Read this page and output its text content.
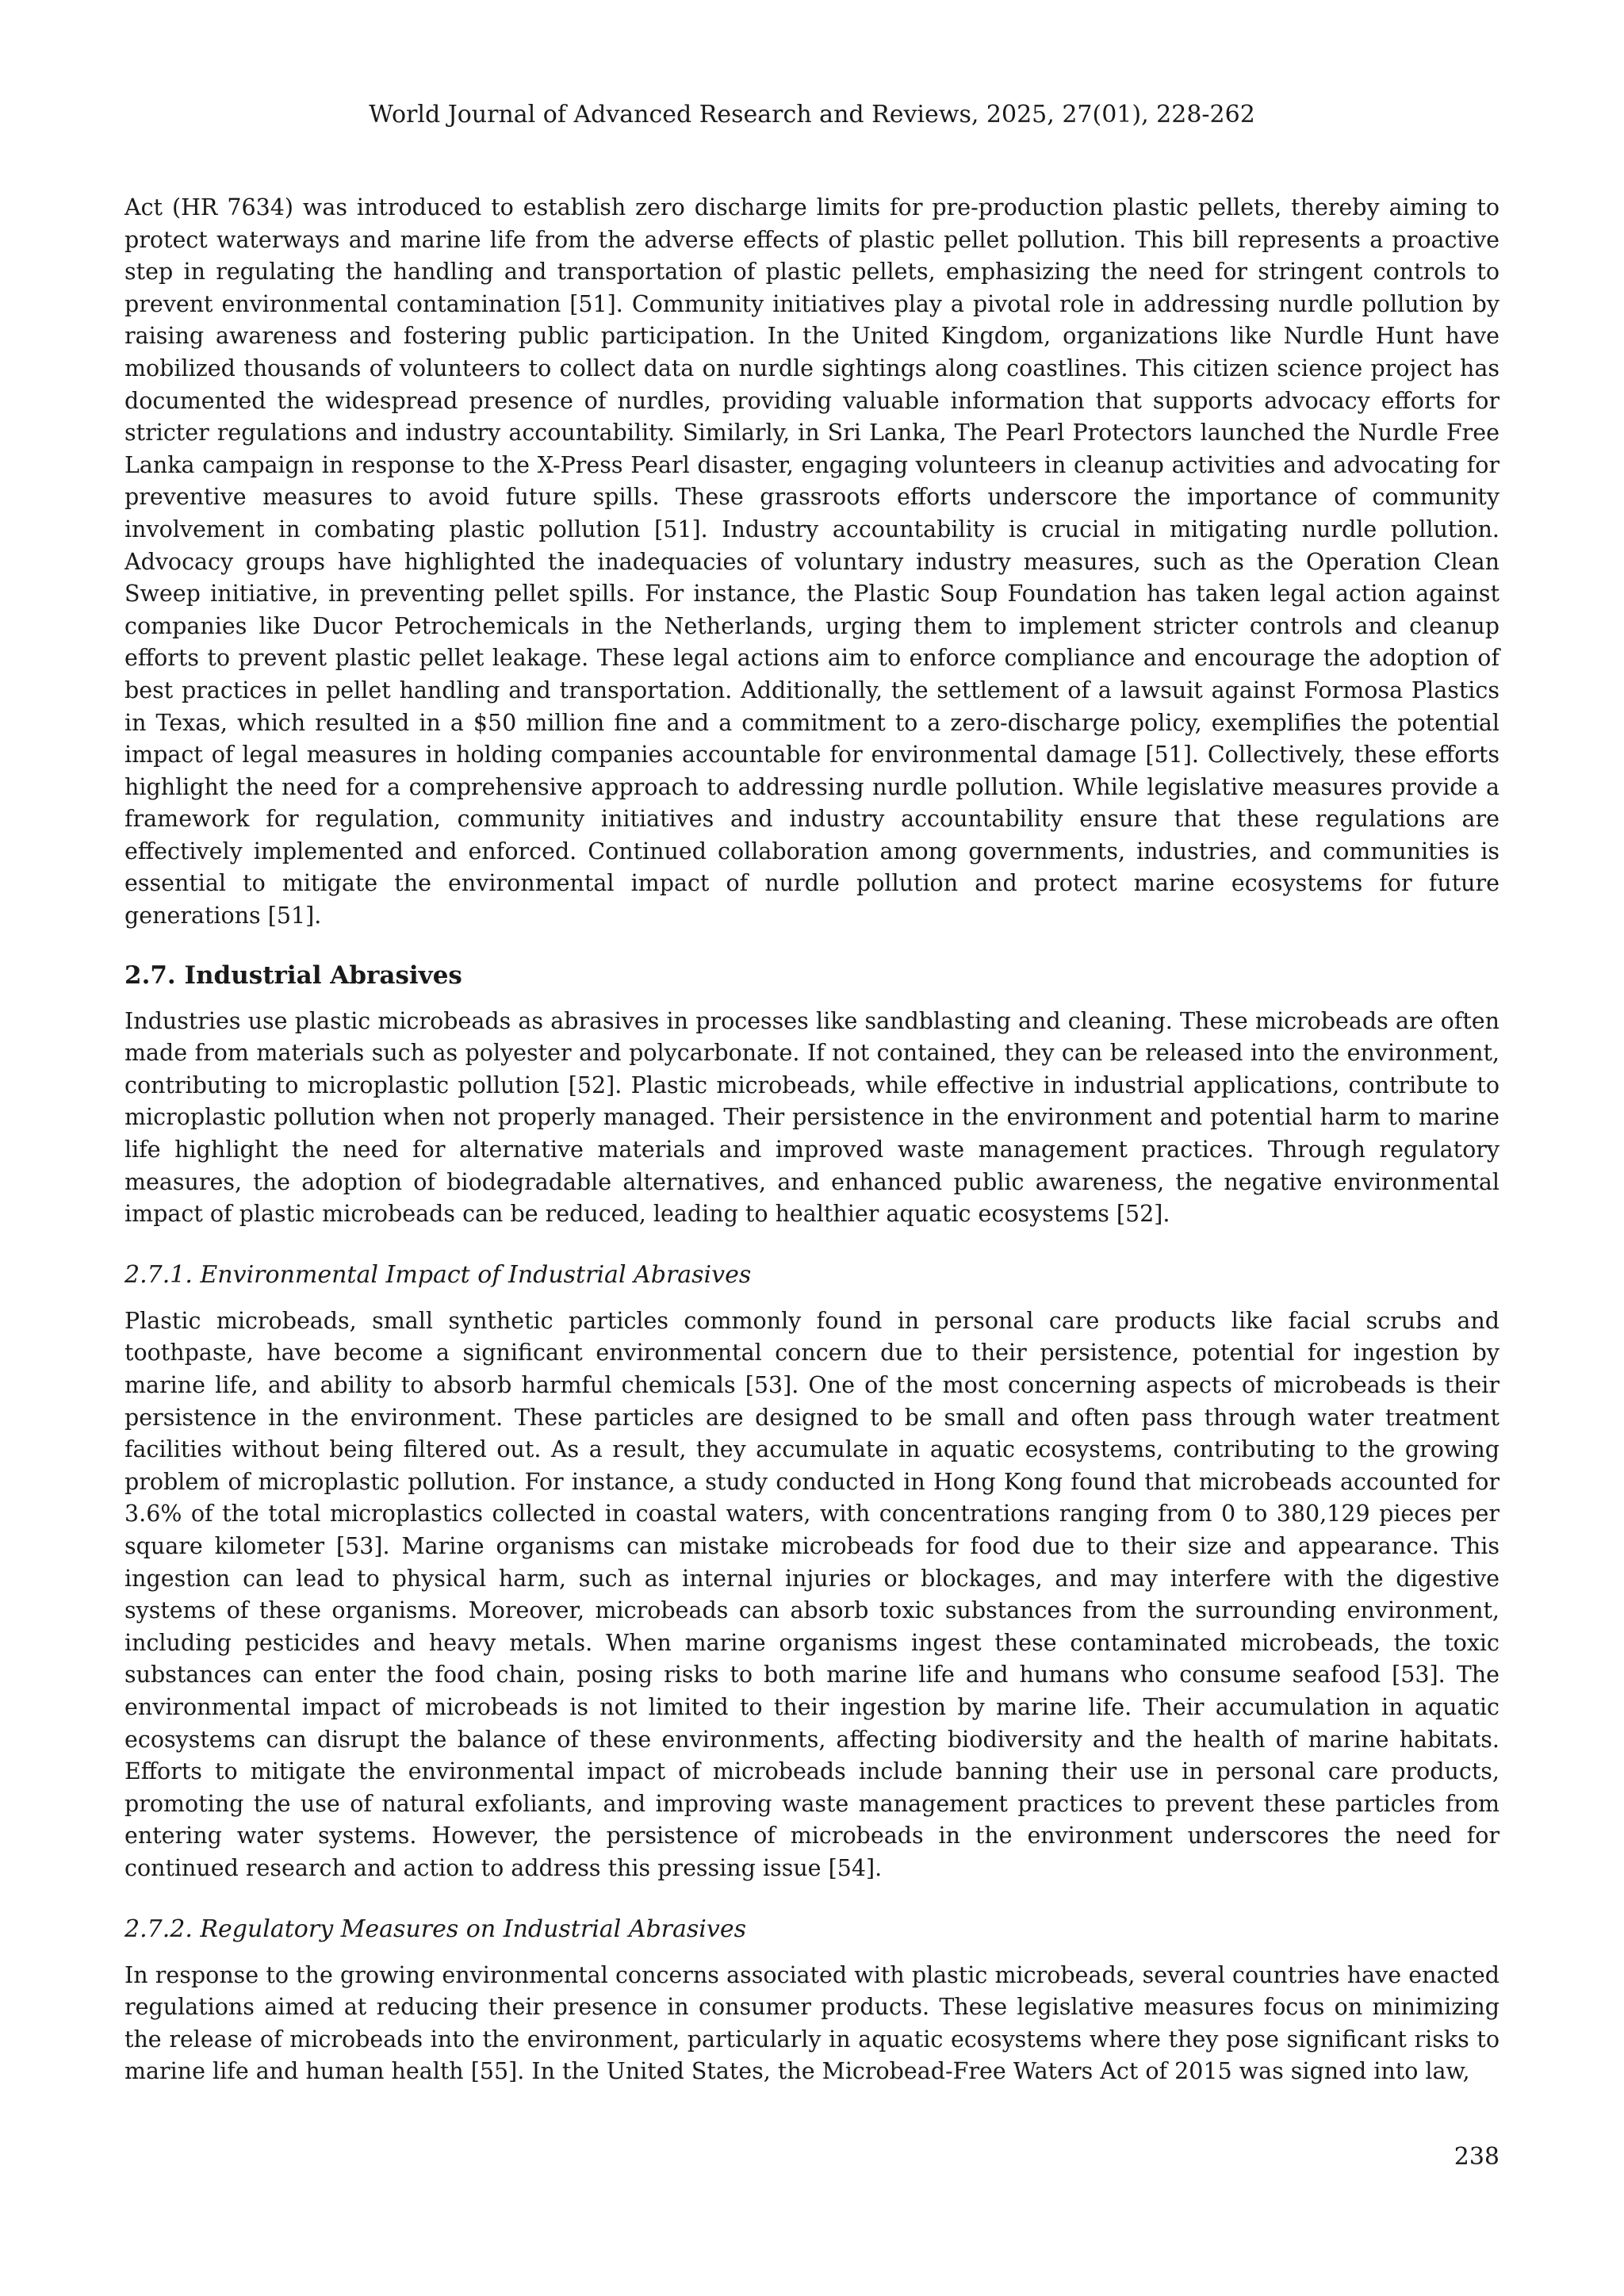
World Journal of Advanced Research and Reviews, 2025, 27(01), 228-262

Act (HR 7634) was introduced to establish zero discharge limits for pre-production plastic pellets, thereby aiming to protect waterways and marine life from the adverse effects of plastic pellet pollution. This bill represents a proactive step in regulating the handling and transportation of plastic pellets, emphasizing the need for stringent controls to prevent environmental contamination [51]. Community initiatives play a pivotal role in addressing nurdle pollution by raising awareness and fostering public participation. In the United Kingdom, organizations like Nurdle Hunt have mobilized thousands of volunteers to collect data on nurdle sightings along coastlines. This citizen science project has documented the widespread presence of nurdles, providing valuable information that supports advocacy efforts for stricter regulations and industry accountability. Similarly, in Sri Lanka, The Pearl Protectors launched the Nurdle Free Lanka campaign in response to the X-Press Pearl disaster, engaging volunteers in cleanup activities and advocating for preventive measures to avoid future spills. These grassroots efforts underscore the importance of community involvement in combating plastic pollution [51]. Industry accountability is crucial in mitigating nurdle pollution. Advocacy groups have highlighted the inadequacies of voluntary industry measures, such as the Operation Clean Sweep initiative, in preventing pellet spills. For instance, the Plastic Soup Foundation has taken legal action against companies like Ducor Petrochemicals in the Netherlands, urging them to implement stricter controls and cleanup efforts to prevent plastic pellet leakage. These legal actions aim to enforce compliance and encourage the adoption of best practices in pellet handling and transportation. Additionally, the settlement of a lawsuit against Formosa Plastics in Texas, which resulted in a $50 million fine and a commitment to a zero-discharge policy, exemplifies the potential impact of legal measures in holding companies accountable for environmental damage [51]. Collectively, these efforts highlight the need for a comprehensive approach to addressing nurdle pollution. While legislative measures provide a framework for regulation, community initiatives and industry accountability ensure that these regulations are effectively implemented and enforced. Continued collaboration among governments, industries, and communities is essential to mitigate the environmental impact of nurdle pollution and protect marine ecosystems for future generations [51].

2.7. Industrial Abrasives

Industries use plastic microbeads as abrasives in processes like sandblasting and cleaning. These microbeads are often made from materials such as polyester and polycarbonate. If not contained, they can be released into the environment, contributing to microplastic pollution [52]. Plastic microbeads, while effective in industrial applications, contribute to microplastic pollution when not properly managed. Their persistence in the environment and potential harm to marine life highlight the need for alternative materials and improved waste management practices. Through regulatory measures, the adoption of biodegradable alternatives, and enhanced public awareness, the negative environmental impact of plastic microbeads can be reduced, leading to healthier aquatic ecosystems [52].

2.7.1. Environmental Impact of Industrial Abrasives

Plastic microbeads, small synthetic particles commonly found in personal care products like facial scrubs and toothpaste, have become a significant environmental concern due to their persistence, potential for ingestion by marine life, and ability to absorb harmful chemicals [53]. One of the most concerning aspects of microbeads is their persistence in the environment. These particles are designed to be small and often pass through water treatment facilities without being filtered out. As a result, they accumulate in aquatic ecosystems, contributing to the growing problem of microplastic pollution. For instance, a study conducted in Hong Kong found that microbeads accounted for 3.6% of the total microplastics collected in coastal waters, with concentrations ranging from 0 to 380,129 pieces per square kilometer [53]. Marine organisms can mistake microbeads for food due to their size and appearance. This ingestion can lead to physical harm, such as internal injuries or blockages, and may interfere with the digestive systems of these organisms. Moreover, microbeads can absorb toxic substances from the surrounding environment, including pesticides and heavy metals. When marine organisms ingest these contaminated microbeads, the toxic substances can enter the food chain, posing risks to both marine life and humans who consume seafood [53]. The environmental impact of microbeads is not limited to their ingestion by marine life. Their accumulation in aquatic ecosystems can disrupt the balance of these environments, affecting biodiversity and the health of marine habitats. Efforts to mitigate the environmental impact of microbeads include banning their use in personal care products, promoting the use of natural exfoliants, and improving waste management practices to prevent these particles from entering water systems. However, the persistence of microbeads in the environment underscores the need for continued research and action to address this pressing issue [54].

2.7.2. Regulatory Measures on Industrial Abrasives

In response to the growing environmental concerns associated with plastic microbeads, several countries have enacted regulations aimed at reducing their presence in consumer products. These legislative measures focus on minimizing the release of microbeads into the environment, particularly in aquatic ecosystems where they pose significant risks to marine life and human health [55]. In the United States, the Microbead-Free Waters Act of 2015 was signed into law,

238
